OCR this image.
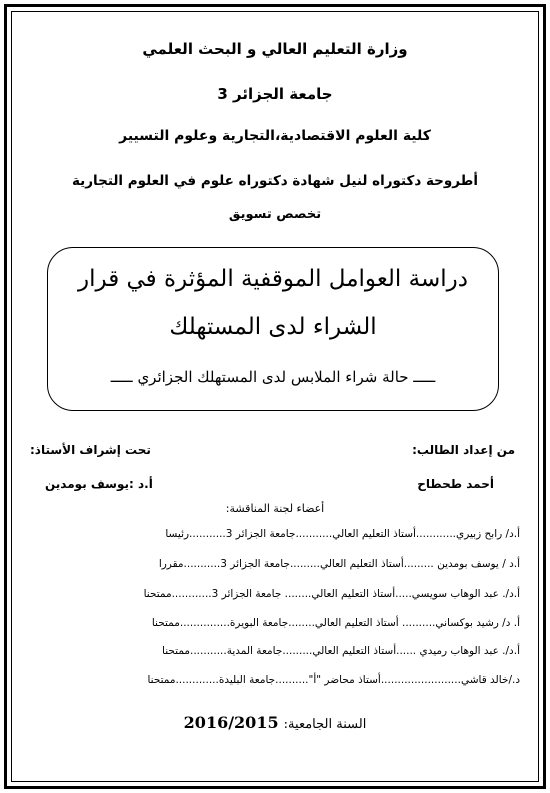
وزارة التعليم العالي و البحث العلمي
جامعة الجزائر 3
كلية العلوم الاقتصادية،التجارية وعلوم التسيير
أطروحة دكتوراه لنيل شهادة دكتوراه علوم في العلوم التجارية
تخصص تسويق
دراسة العوامل الموقفية المؤثرة في قرار
الشراء لدى المستهلك
ـــــ حالة شراء الملابس لدى المستهلك الجزائري ـــــ
من إعداد الطالب:
تحت إشراف الأستاذ:
أحمد طحطاح
أ.د :يوسف بومدين
أعضاء لجنة المناقشة:
أ.د/ رابح زبيري............أستاذ التعليم العالي...........جامعة الجزائر 3...........رئيسا
أ.د / يوسف بومدين .........أستاذ التعليم العالي.........جامعة الجزائر 3...........مقررا
أ.د/. عبد الوهاب سويسي.....أستاذ التعليم العالي........ جامعة الجزائر 3............ممتحنا
أ. د/ رشيد بوكساني.......... أستاذ التعليم العالي........جامعة البويرة...............ممتحنا
أ.د/. عبد الوهاب رميدي ......أستاذ التعليم العالي.........جامعة المدية...........ممتحنا
د./خالد قاشي........................أستاذ محاضر "أ"..........جامعة البليدة.............ممتحنا
السنة الجامعية: 2016/2015
